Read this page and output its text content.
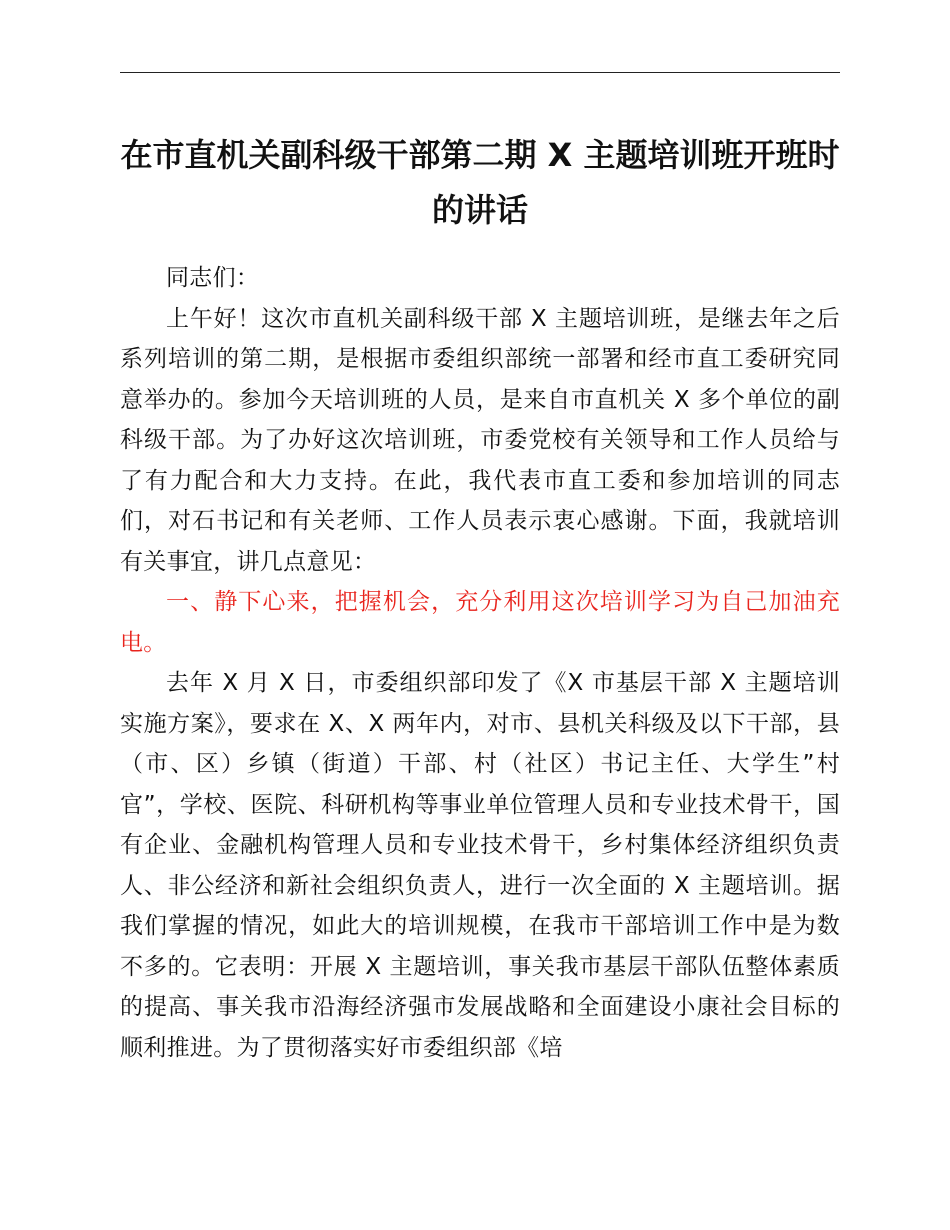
在市直机关副科级干部第二期 X 主题培训班开班时的讲话

同志们：

上午好！这次市直机关副科级干部 X 主题培训班，是继去年之后系列培训的第二期，是根据市委组织部统一部署和经市直工委研究同意举办的。参加今天培训班的人员，是来自市直机关 X 多个单位的副科级干部。为了办好这次培训班，市委党校有关领导和工作人员给与了有力配合和大力支持。在此，我代表市直工委和参加培训的同志们，对石书记和有关老师、工作人员表示衷心感谢。下面，我就培训有关事宜，讲几点意见：

一、静下心来，把握机会，充分利用这次培训学习为自己加油充电。

去年 X 月 X 日，市委组织部印发了《X 市基层干部 X 主题培训实施方案》，要求在 X、X 两年内，对市、县机关科级及以下干部，县（市、区）乡镇（街道）干部、村（社区）书记主任、大学生”村官”，学校、医院、科研机构等事业单位管理人员和专业技术骨干，国有企业、金融机构管理人员和专业技术骨干，乡村集体经济组织负责人、非公经济和新社会组织负责人，进行一次全面的 X 主题培训。据我们掌握的情况，如此大的培训规模，在我市干部培训工作中是为数不多的。它表明：开展 X 主题培训，事关我市基层干部队伍整体素质的提高、事关我市沿海经济强市发展战略和全面建设小康社会目标的顺利推进。为了贯彻落实好市委组织部《培
